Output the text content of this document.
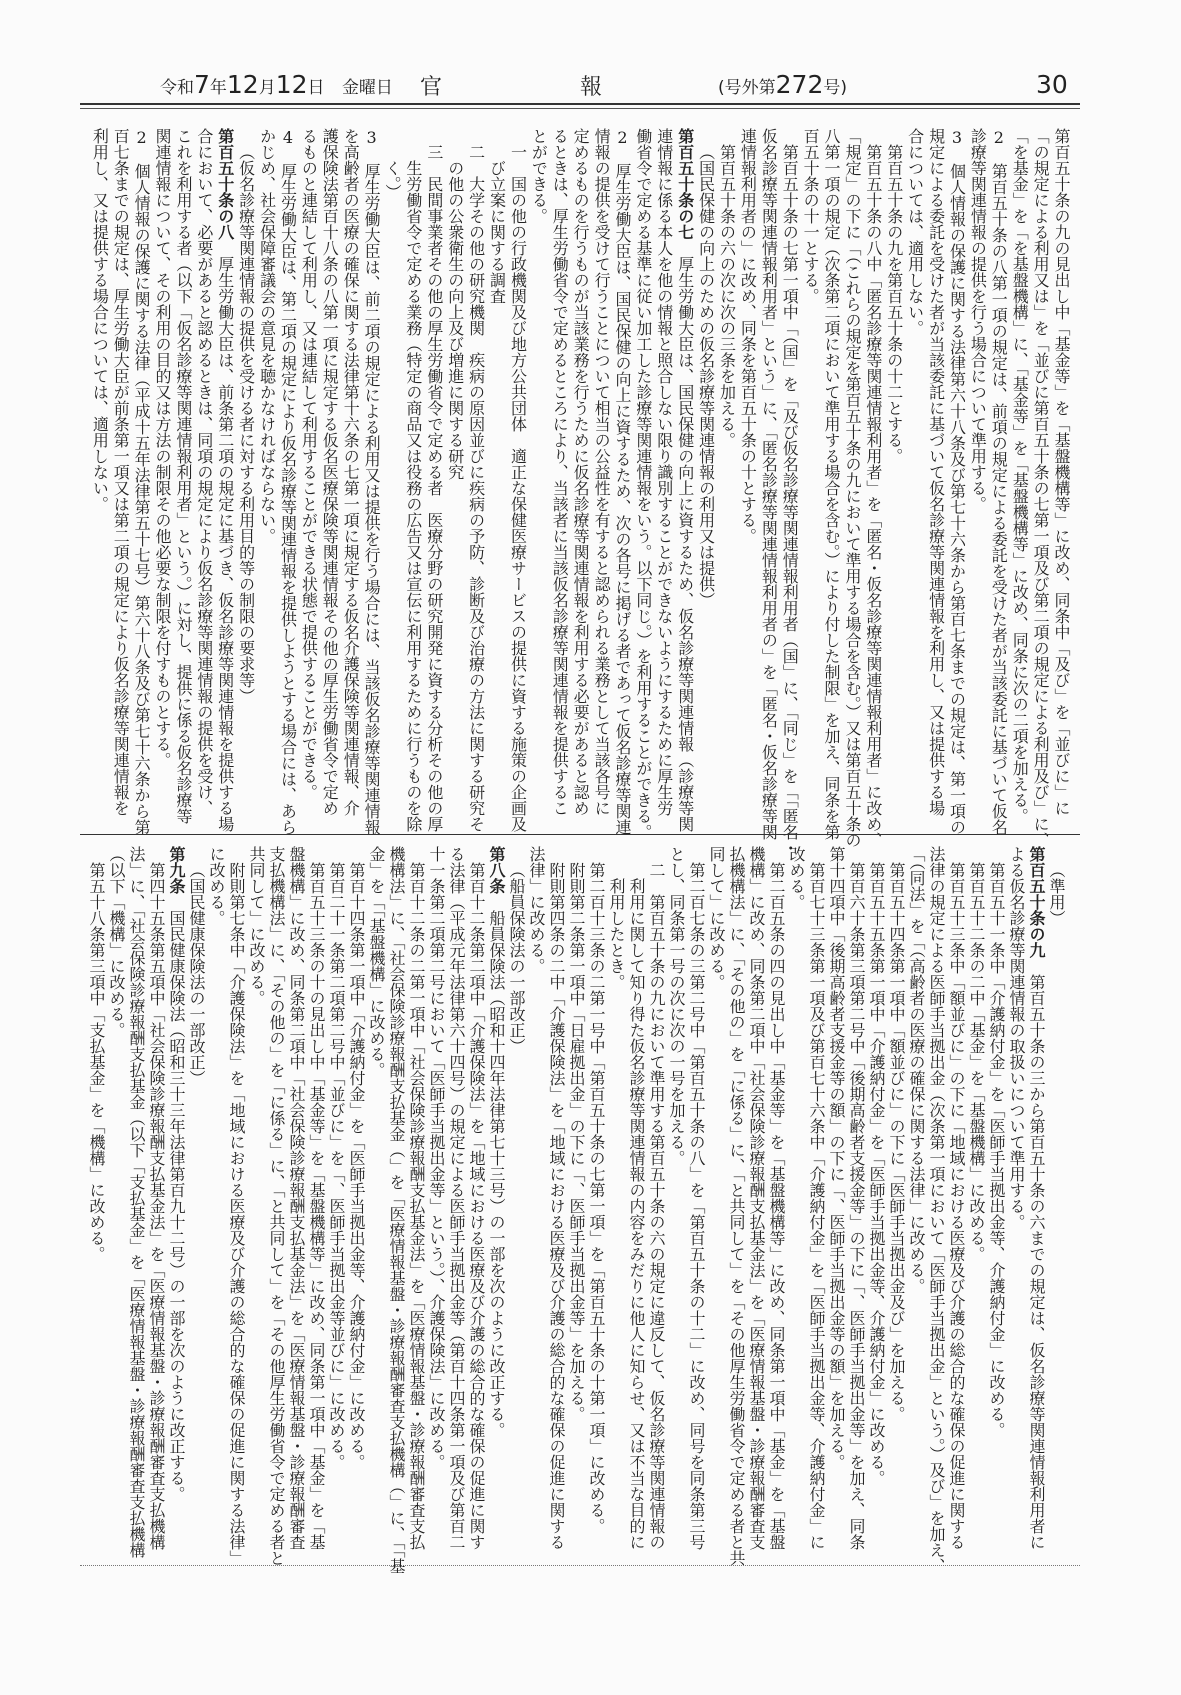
令和7年12月12日 金曜日 官	報	(号外第272号)	30
第百五十条の九の見出し中「基金等」を「基盤機構等」に改め、同条中「及び」を「並びに」に
「の規定による利用又は」を「並びに第百五十条の七第一項及び第二項の規定による利用及び」に、
「を基金」を「を基盤機構」に、「基金等」を「基盤機構等」に改め、同条に次の二項を加える。
2第百五十条の八第一項の規定は、前項の規定による委託を受けた者が当該委託に基づいて仮名
診療等関連情報の提供を行う場合について準用する。
3個人情報の保護に関する法律第六十八条及び第七十六条から第百七条までの規定は、第一項の
規定による委託を受けた者が当該委託に基づいて仮名診療等関連情報を利用し、又は提供する場
合については、適用しない。
第百五十条の九を第百五十条の十二とする。
第百五十条の八中「匿名診療等関連情報利用者」を「匿名・仮名診療等関連情報利用者」に改め、
「規定」の下に「（これらの規定を第百五十条の九において準用する場合を含む。）又は第百五十条の
八第一項の規定（次条第二項において準用する場合を含む。）により付した制限」を加え、同条を第
百五十条の十一とする。
第百五十条の七第一項中「（国」を「及び仮名診療等関連情報利用者（国」に、「同じ」を「「匿名・
仮名診療等関連情報利用者」という」に、「匿名診療等関連情報利用者の」を「匿名・仮名診療等関
連情報利用者の」に改め、同条を第百五十条の十とする。
第百五十条の六の次に次の三条を加える。
（国民保健の向上のための仮名診療等関連情報の利用又は提供）
第百五十条の七厚生労働大臣は、国民保健の向上に資するため、仮名診療等関連情報（診療等関
連情報に係る本人を他の情報と照合しない限り識別することができないようにするために厚生労
働省令で定める基準に従い加工した診療等関連情報をいう。以下同じ。）を利用することができる。
2厚生労働大臣は、国民保健の向上に資するため、次の各号に掲げる者であって仮名診療等関連
情報の提供を受けて行うことについて相当の公益性を有すると認められる業務として当該各号に
定めるものを行うものが当該業務を行うために仮名診療等関連情報を利用する必要があると認め
るときは、厚生労働省令で定めるところにより、当該者に当該仮名診療等関連情報を提供するこ
とができる。
一　国の他の行政機関及び地方公共団体　適正な保健医療サービスの提供に資する施策の企画及
び立案に関する調査
二　大学その他の研究機関　疾病の原因並びに疾病の予防、診断及び治療の方法に関する研究そ
の他の公衆衛生の向上及び増進に関する研究
三　民間事業者その他の厚生労働省令で定める者　医療分野の研究開発に資する分析その他の厚
生労働省令で定める業務（特定の商品又は役務の広告又は宣伝に利用するために行うものを除
く。）
3厚生労働大臣は、前二項の規定による利用又は提供を行う場合には、当該仮名診療等関連情報
を高齢者の医療の確保に関する法律第十六条の七第一項に規定する仮名介護保険等関連情報、介
護保険法第百十八条の八第一項に規定する仮名医療保険等関連情報その他の厚生労働省令で定め
るものと連結して利用し、又は連結して利用することができる状態で提供することができる。
4厚生労働大臣は、第二項の規定により仮名診療等関連情報を提供しようとする場合には、あら
かじめ、社会保障審議会の意見を聴かなければならない。
（仮名診療等関連情報の提供を受ける者に対する利用目的等の制限の要求等）
第百五十条の八厚生労働大臣は、前条第二項の規定に基づき、仮名診療等関連情報を提供する場
合において、必要があると認めるときは、同項の規定により仮名診療等関連情報の提供を受け、
これを利用する者（以下「仮名診療等関連情報利用者」という。）に対し、提供に係る仮名診療等
関連情報について、その利用の目的又は方法の制限その他必要な制限を付すものとする。
2個人情報の保護に関する法律（平成十五年法律第五十七号）第六十八条及び第七十六条から第
百七条までの規定は、厚生労働大臣が前条第一項又は第二項の規定により仮名診療等関連情報を
利用し、又は提供する場合については、適用しない。
（準用）
第百五十条の九第百五十条の三から第百五十条の六までの規定は、仮名診療等関連情報利用者に
よる仮名診療等関連情報の取扱いについて準用する。
第百五十一条中「介護納付金」を「医師手当拠出金等、介護納付金」に改める。
第百五十二条の二中「基金」を「基盤機構」に改める。
第百五十三条中「額並びに」の下に「地域における医療及び介護の総合的な確保の促進に関する
法律の規定による医師手当拠出金（次条第一項において「医師手当拠出金」という。）及び」を加え、
「（同法」を「（高齢者の医療の確保に関する法律」に改める。
第百五十四条第一項中「額並びに」の下に「医師手当拠出金及び」を加える。
第百五十五条第一項中「介護納付金」を「医師手当拠出金等、介護納付金」に改める。
第百六十条第三項第二号中「後期高齢者支援金等」の下に「、医師手当拠出金等」を加え、同条
第十四項中「後期高齢者支援金等の額」の下に「、医師手当拠出金等の額」を加える。
第百七十三条第一項及び第百七十六条中「介護納付金」を「医師手当拠出金等、介護納付金」に
改める。
第二百五条の四の見出し中「基金等」を「基盤機構等」に改め、同条第一項中「基金」を「基盤
機構」に改め、同条第二項中「社会保険診療報酬支払基金法」を「医療情報基盤・診療報酬審査支
払機構法」に、「その他の」を「に係る」に、「と共同して」を「その他厚生労働省令で定める者と共
同して」に改める。
第二百七条の三第二号中「第百五十条の八」を「第百五十条の十二」に改め、同号を同条第三号
とし、同条第一号の次に次の一号を加える。
二　第百五十条の九において準用する第百五十条の六の規定に違反して、仮名診療等関連情報の
利用に関して知り得た仮名診療等関連情報の内容をみだりに他人に知らせ、又は不当な目的に
利用したとき。
第二百十三条の二第一号中「第百五十条の七第一項」を「第百五十条の十第一項」に改める。
附則第二条第一項中「日雇拠出金」の下に「、医師手当拠出金等」を加える。
附則第四条の二中「介護保険法」を「地域における医療及び介護の総合的な確保の促進に関する
法律」に改める。
（船員保険法の一部改正）
第八条船員保険法（昭和十四年法律第七十三号）の一部を次のように改正する。
第百十二条第二項中「介護保険法」を「地域における医療及び介護の総合的な確保の促進に関す
る法律（平成元年法律第六十四号）の規定による医師手当拠出金等（第百十四条第一項及び第百二
十一条第二項第二号において「医師手当拠出金等」という。）、介護保険法」に改める。
第百十二条の二第一項中「社会保険診療報酬支払基金法」を「医療情報基盤・診療報酬審査支払
機構法」に、「社会保険診療報酬支払基金（」を「医療情報基盤・診療報酬審査支払機構（」に、「「基
金」を「「基盤機構」に改める。
第百十四条第一項中「介護納付金」を「医師手当拠出金等、介護納付金」に改める。
第百二十一条第二項第二号中「並びに」を「、医師手当拠出金等並びに」に改める。
第百五十三条の十の見出し中「基金等」を「基盤機構等」に改め、同条第一項中「基金」を「基
盤機構」に改め、同条第二項中「社会保険診療報酬支払基金法」を「医療情報基盤・診療報酬審査
支払機構法」に、「その他の」を「に係る」に、「と共同して」を「その他厚生労働省令で定める者と
共同して」に改める。
附則第七条中「介護保険法」を「地域における医療及び介護の総合的な確保の促進に関する法律」
に改める。
（国民健康保険法の一部改正）
第九条国民健康保険法（昭和三十三年法律第百九十二号）の一部を次のように改正する。
第四十五条第五項中「社会保険診療報酬支払基金法」を「医療情報基盤・診療報酬審査支払機構
法」に、「社会保険診療報酬支払基金（以下「支払基金」を「医療情報基盤・診療報酬審査支払機構
（以下「機構」に改める。
第五十八条第三項中「支払基金」を「機構」に改める。
